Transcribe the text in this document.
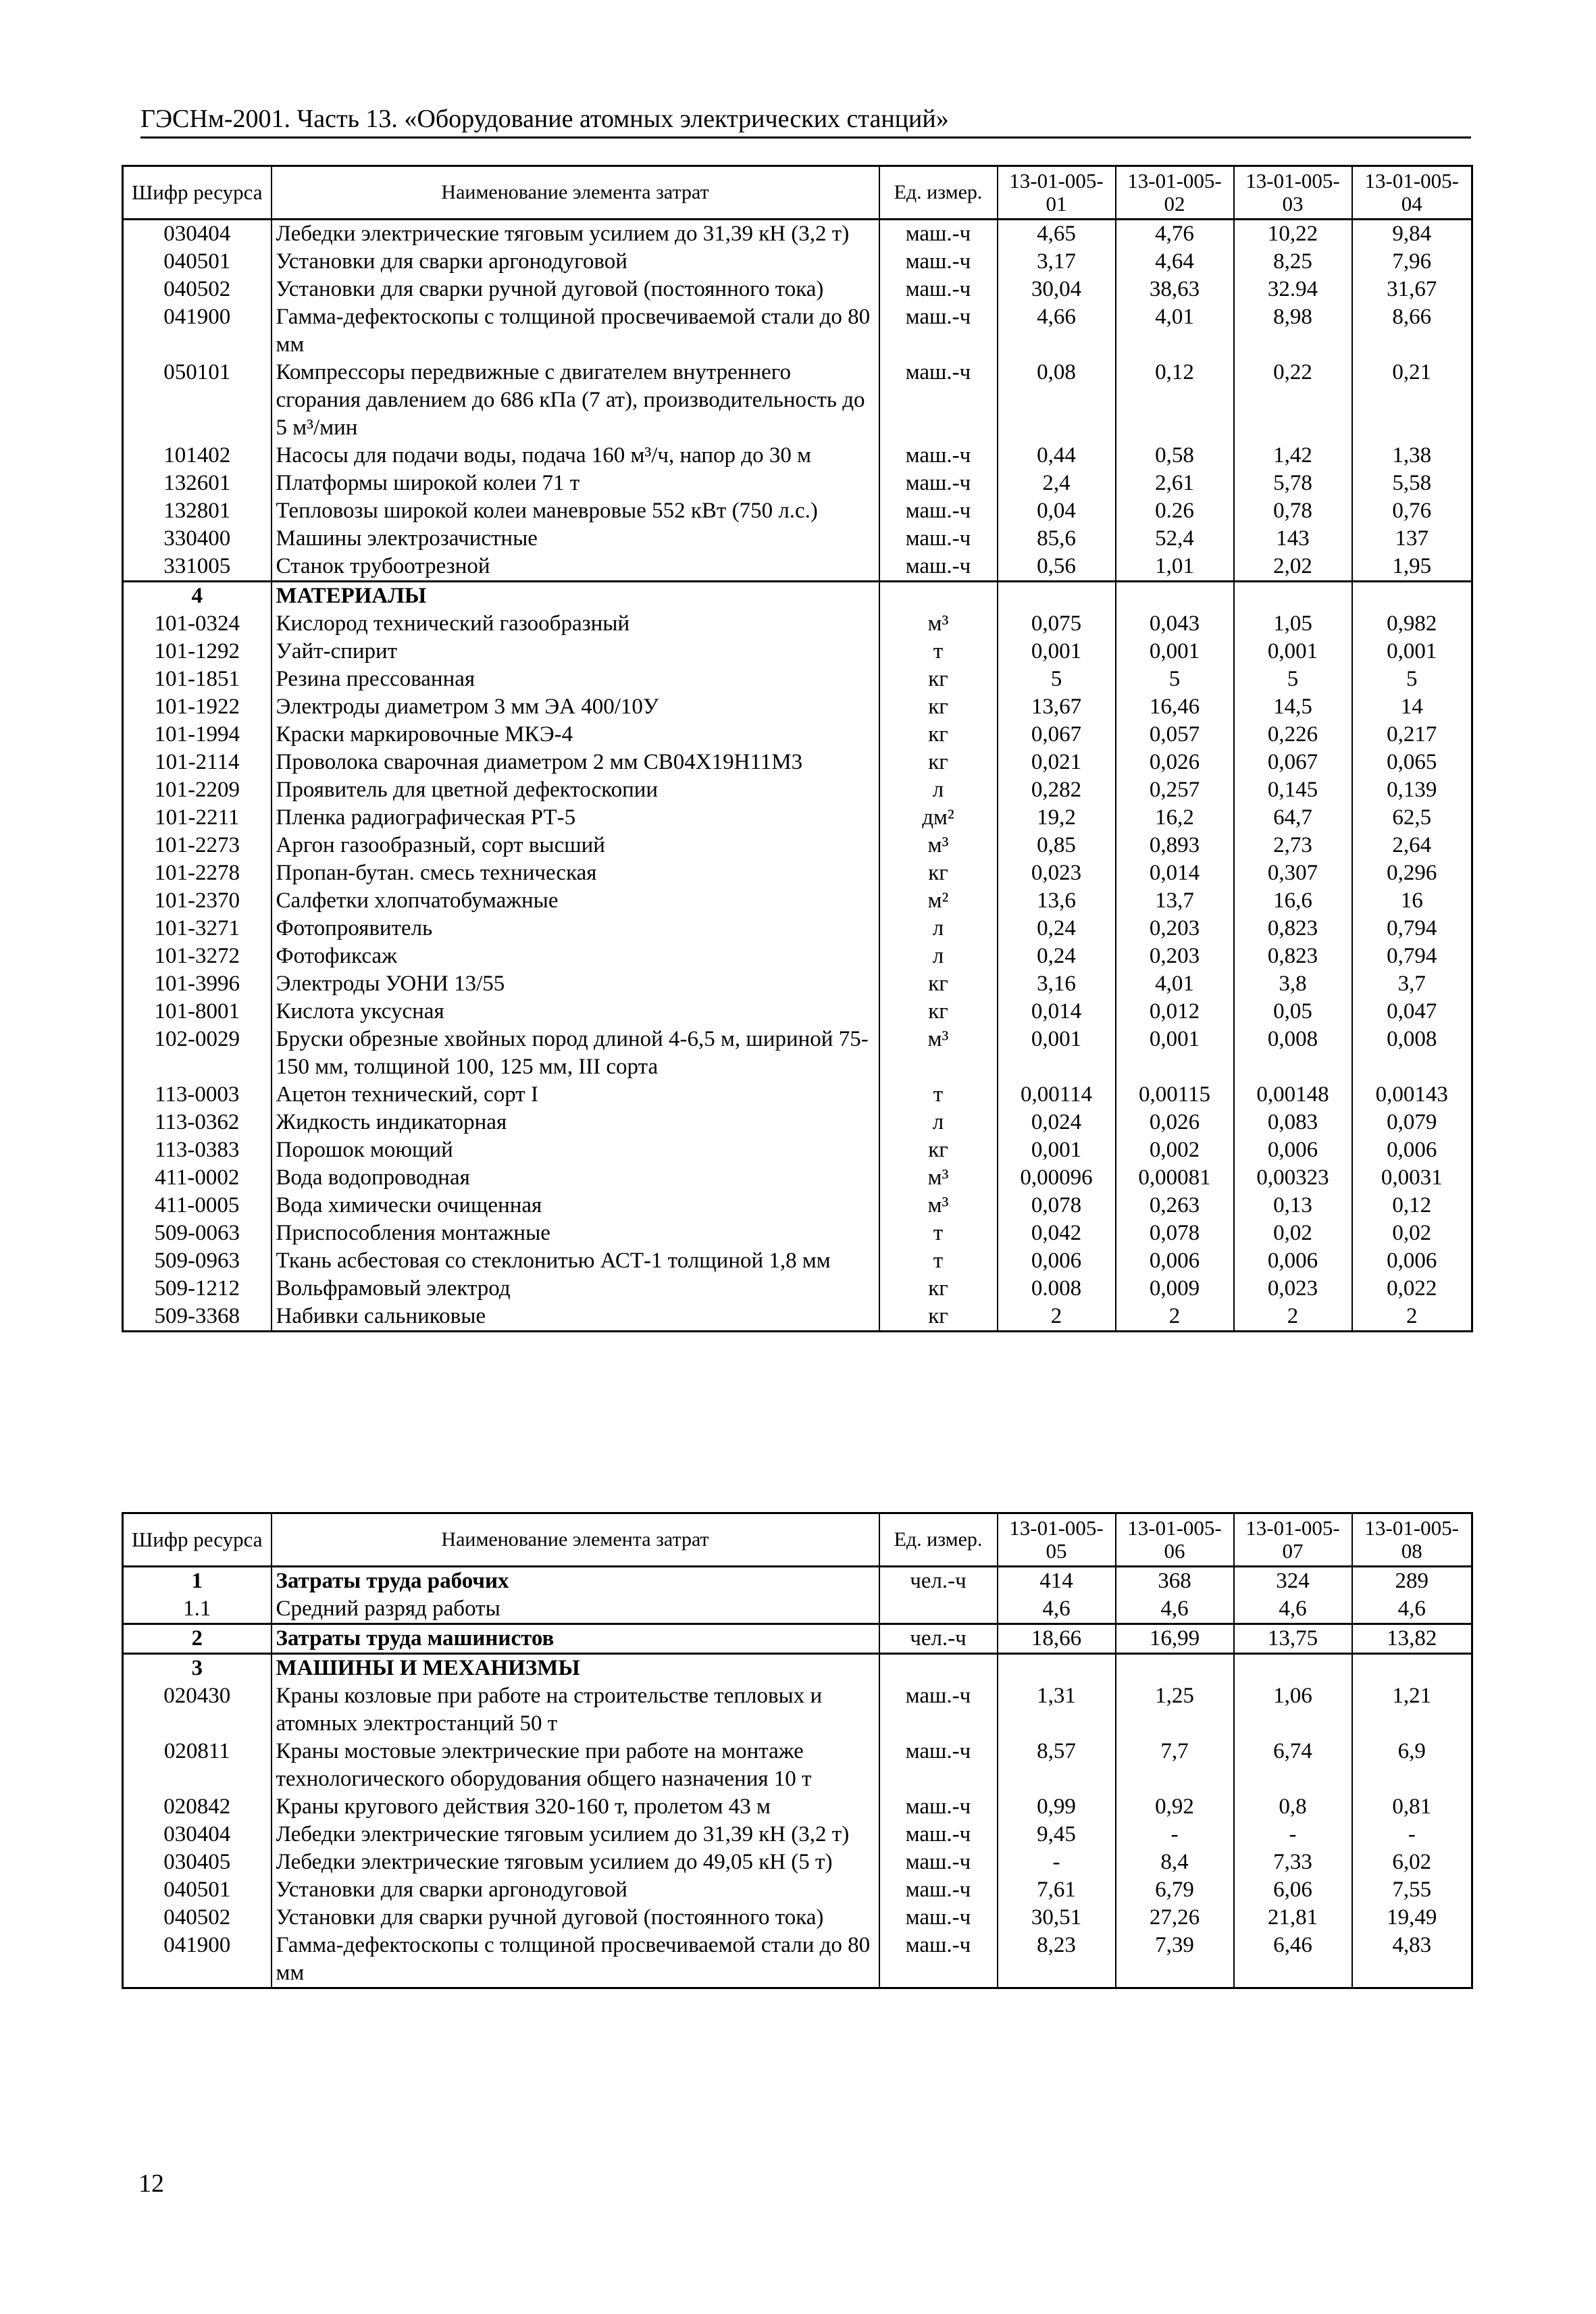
ГЭСНм-2001. Часть 13. «Оборудование атомных электрических станций»
Шифр ресурса	Наименование элемента затрат	Ед. измер.	13-01-005-01	13-01-005-02	13-01-005-03	13-01-005-04
030404	Лебедки электрические тяговым усилием до 31,39 кН (3,2 т)	маш.-ч	4,65	4,76	10,22	9,84
040501	Установки для сварки аргонодуговой	маш.-ч	3,17	4,64	8,25	7,96
040502	Установки для сварки ручной дуговой (постоянного тока)	маш.-ч	30,04	38,63	32.94	31,67
041900	Гамма-дефектоскопы с толщиной просвечиваемой стали до 80 мм	маш.-ч	4,66	4,01	8,98	8,66
050101	Компрессоры передвижные с двигателем внутреннего сгорания давлением до 686 кПа (7 ат), производительность до 5 м³/мин	маш.-ч	0,08	0,12	0,22	0,21
101402	Насосы для подачи воды, подача 160 м³/ч, напор до 30 м	маш.-ч	0,44	0,58	1,42	1,38
132601	Платформы широкой колеи 71 т	маш.-ч	2,4	2,61	5,78	5,58
132801	Тепловозы широкой колеи маневровые 552 кВт (750 л.с.)	маш.-ч	0,04	0.26	0,78	0,76
330400	Машины электрозачистные	маш.-ч	85,6	52,4	143	137
331005	Станок трубоотрезной	маш.-ч	0,56	1,01	2,02	1,95
4	МАТЕРИАЛЫ					
101-0324	Кислород технический газообразный	м³	0,075	0,043	1,05	0,982
101-1292	Уайт-спирит	т	0,001	0,001	0,001	0,001
101-1851	Резина прессованная	кг	5	5	5	5
101-1922	Электроды диаметром 3 мм ЭА 400/10У	кг	13,67	16,46	14,5	14
101-1994	Краски маркировочные МКЭ-4	кг	0,067	0,057	0,226	0,217
101-2114	Проволока сварочная диаметром 2 мм СВ04Х19Н11М3	кг	0,021	0,026	0,067	0,065
101-2209	Проявитель для цветной дефектоскопии	л	0,282	0,257	0,145	0,139
101-2211	Пленка радиографическая РТ-5	дм²	19,2	16,2	64,7	62,5
101-2273	Аргон газообразный, сорт высший	м³	0,85	0,893	2,73	2,64
101-2278	Пропан-бутан. смесь техническая	кг	0,023	0,014	0,307	0,296
101-2370	Салфетки хлопчатобумажные	м²	13,6	13,7	16,6	16
101-3271	Фотопроявитель	л	0,24	0,203	0,823	0,794
101-3272	Фотофиксаж	л	0,24	0,203	0,823	0,794
101-3996	Электроды УОНИ 13/55	кг	3,16	4,01	3,8	3,7
101-8001	Кислота уксусная	кг	0,014	0,012	0,05	0,047
102-0029	Бруски обрезные хвойных пород длиной 4-6,5 м, шириной 75-150 мм, толщиной 100, 125 мм, III сорта	м³	0,001	0,001	0,008	0,008
113-0003	Ацетон технический, сорт I	т	0,00114	0,00115	0,00148	0,00143
113-0362	Жидкость индикаторная	л	0,024	0,026	0,083	0,079
113-0383	Порошок моющий	кг	0,001	0,002	0,006	0,006
411-0002	Вода водопроводная	м³	0,00096	0,00081	0,00323	0,0031
411-0005	Вода химически очищенная	м³	0,078	0,263	0,13	0,12
509-0063	Приспособления монтажные	т	0,042	0,078	0,02	0,02
509-0963	Ткань асбестовая со стеклонитью АСТ-1 толщиной 1,8 мм	т	0,006	0,006	0,006	0,006
509-1212	Вольфрамовый электрод	кг	0.008	0,009	0,023	0,022
509-3368	Набивки сальниковые	кг	2	2	2	2
Шифр ресурса	Наименование элемента затрат	Ед. измер.	13-01-005-05	13-01-005-06	13-01-005-07	13-01-005-08
1	Затраты труда рабочих	чел.-ч	414	368	324	289
1.1	Средний разряд работы		4,6	4,6	4,6	4,6
2	Затраты труда машинистов	чел.-ч	18,66	16,99	13,75	13,82
3	МАШИНЫ И МЕХАНИЗМЫ					
020430	Краны козловые при работе на строительстве тепловых и атомных электростанций 50 т	маш.-ч	1,31	1,25	1,06	1,21
020811	Краны мостовые электрические при работе на монтаже технологического оборудования общего назначения 10 т	маш.-ч	8,57	7,7	6,74	6,9
020842	Краны кругового действия 320-160 т, пролетом 43 м	маш.-ч	0,99	0,92	0,8	0,81
030404	Лебедки электрические тяговым усилием до 31,39 кН (3,2 т)	маш.-ч	9,45	-	-	-
030405	Лебедки электрические тяговым усилием до 49,05 кН (5 т)	маш.-ч	-	8,4	7,33	6,02
040501	Установки для сварки аргонодуговой	маш.-ч	7,61	6,79	6,06	7,55
040502	Установки для сварки ручной дуговой (постоянного тока)	маш.-ч	30,51	27,26	21,81	19,49
041900	Гамма-дефектоскопы с толщиной просвечиваемой стали до 80 мм	маш.-ч	8,23	7,39	6,46	4,83
12
